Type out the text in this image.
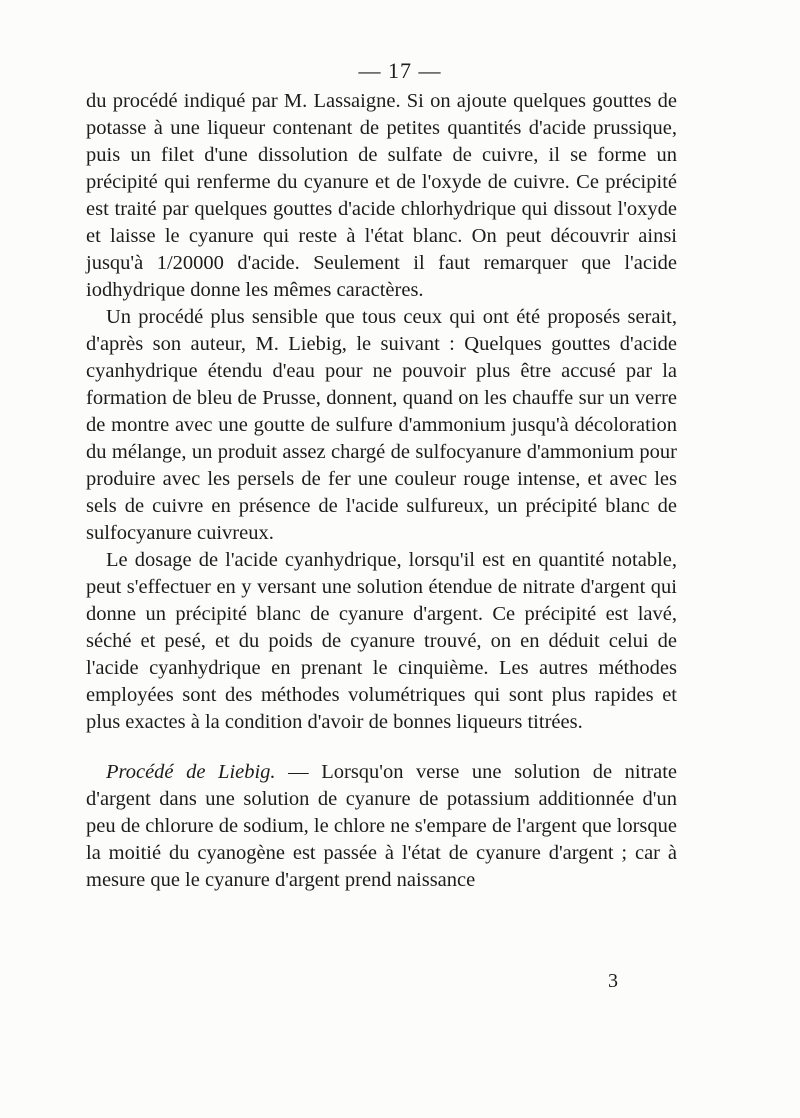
— 17 —

du procédé indiqué par M. Lassaigne. Si on ajoute quelques gouttes de potasse à une liqueur contenant de petites quantités d'acide prussique, puis un filet d'une dissolution de sulfate de cuivre, il se forme un précipité qui renferme du cyanure et de l'oxyde de cuivre. Ce précipité est traité par quelques gouttes d'acide chlorhydrique qui dissout l'oxyde et laisse le cyanure qui reste à l'état blanc. On peut découvrir ainsi jusqu'à 1/20000 d'acide. Seulement il faut remarquer que l'acide iodhydrique donne les mêmes caractères.

Un procédé plus sensible que tous ceux qui ont été proposés serait, d'après son auteur, M. Liebig, le suivant : Quelques gouttes d'acide cyanhydrique étendu d'eau pour ne pouvoir plus être accusé par la formation de bleu de Prusse, donnent, quand on les chauffe sur un verre de montre avec une goutte de sulfure d'ammonium jusqu'à décoloration du mélange, un produit assez chargé de sulfocyanure d'ammonium pour produire avec les persels de fer une couleur rouge intense, et avec les sels de cuivre en présence de l'acide sulfureux, un précipité blanc de sulfocyanure cuivreux.

Le dosage de l'acide cyanhydrique, lorsqu'il est en quantité notable, peut s'effectuer en y versant une solution étendue de nitrate d'argent qui donne un précipité blanc de cyanure d'argent. Ce précipité est lavé, séché et pesé, et du poids de cyanure trouvé, on en déduit celui de l'acide cyanhydrique en prenant le cinquième. Les autres méthodes employées sont des méthodes volumétriques qui sont plus rapides et plus exactes à la condition d'avoir de bonnes liqueurs titrées.

Procédé de Liebig. — Lorsqu'on verse une solution de nitrate d'argent dans une solution de cyanure de potassium additionnée d'un peu de chlorure de sodium, le chlore ne s'empare de l'argent que lorsque la moitié du cyanogène est passée à l'état de cyanure d'argent ; car à mesure que le cyanure d'argent prend naissance

3
